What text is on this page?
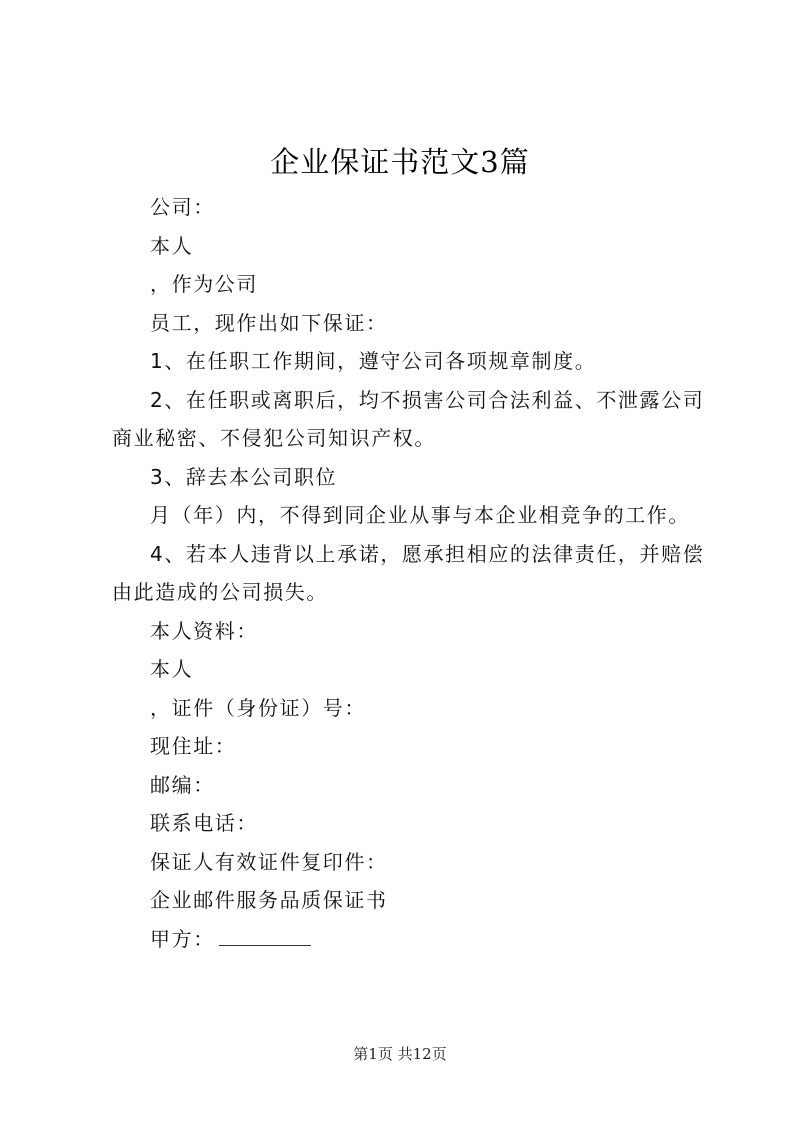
企业保证书范文3篇

公司：

本人

，作为公司

员工，现作出如下保证：

1、在任职工作期间，遵守公司各项规章制度。

2、在任职或离职后，均不损害公司合法利益、不泄露公司商业秘密、不侵犯公司知识产权。

3、辞去本公司职位

月（年）内，不得到同企业从事与本企业相竞争的工作。

4、若本人违背以上承诺，愿承担相应的法律责任，并赔偿由此造成的公司损失。

本人资料：

本人

，证件（身份证）号：

现住址：

邮编：

联系电话：

保证人有效证件复印件：

企业邮件服务品质保证书

甲方：

第1页 共12页
